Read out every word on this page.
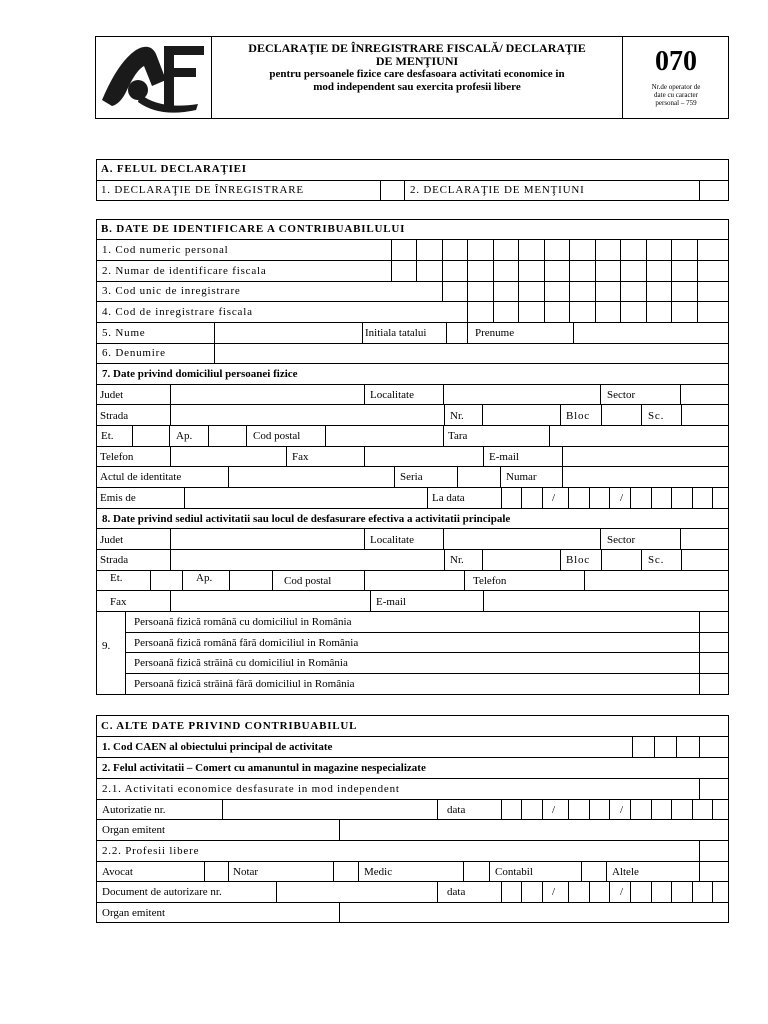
DECLARAŢIE DE ÎNREGISTRARE FISCALĂ/ DECLARAŢIE
DE MENŢIUNI
pentru persoanele fizice care desfasoara activitati economice in
mod independent sau exercita profesii libere
070
Nr.de operator de
date cu caracter
personal – 759
A. FELUL DECLARAŢIEI
1. DECLARAŢIE DE ÎNREGISTRARE	2. DECLARAŢIE DE MENŢIUNI
B. DATE DE IDENTIFICARE A CONTRIBUABILULUI
1. Cod numeric personal
2. Numar de identificare fiscala
3. Cod unic de inregistrare
4. Cod de inregistrare fiscala
5. Nume	Initiala tatalui	Prenume
6. Denumire
7. Date privind domiciliul persoanei fizice
Judet	Localitate	Sector
Strada	Nr.	Bloc	Sc.
Et.	Ap.	Cod postal	Tara
Telefon	Fax	E-mail
Actul de identitate	Seria	Numar
Emis de	La data	/	/
8. Date privind sediul activitatii sau locul de desfasurare efectiva a activitatii principale
Judet	Localitate	Sector
Strada	Nr.	Bloc	Sc.
Et.	Ap.	Cod postal	Telefon
Fax	E-mail
9.
Persoană fizică română cu domiciliul in România
Persoană fizică română fără domiciliul in România
Persoană fizică străină cu domiciliul in România
Persoană fizică străină fără domiciliul in România
C. ALTE DATE PRIVIND CONTRIBUABILUL
1. Cod CAEN al obiectului principal de activitate
2. Felul activitatii – Comert cu amanuntul in magazine nespecializate
2.1. Activitati economice desfasurate in mod independent
Autorizatie nr.	data	/	/
Organ emitent
2.2. Profesii libere
Avocat	Notar	Medic	Contabil	Altele
Document de autorizare nr.	data	/	/
Organ emitent
